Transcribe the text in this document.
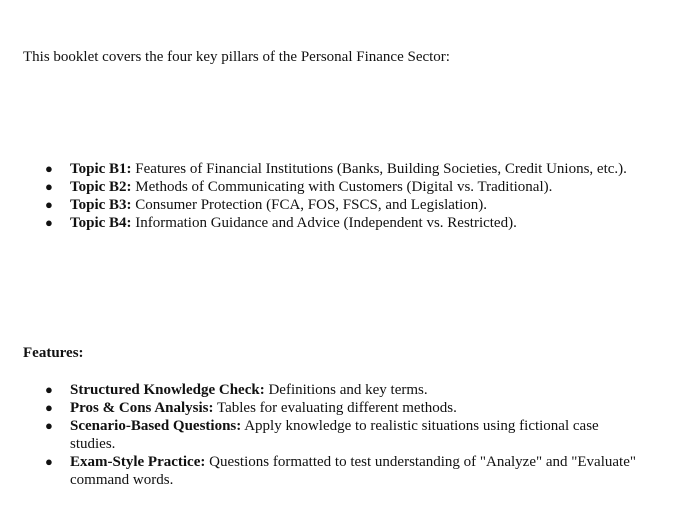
This booklet covers the four key pillars of the Personal Finance Sector:

● Topic B1: Features of Financial Institutions (Banks, Building Societies, Credit Unions, etc.).
● Topic B2: Methods of Communicating with Customers (Digital vs. Traditional).
● Topic B3: Consumer Protection (FCA, FOS, FSCS, and Legislation).
● Topic B4: Information Guidance and Advice (Independent vs. Restricted).

Features:

● Structured Knowledge Check: Definitions and key terms.
● Pros & Cons Analysis: Tables for evaluating different methods.
● Scenario-Based Questions: Apply knowledge to realistic situations using fictional case studies.
● Exam-Style Practice: Questions formatted to test understanding of "Analyze" and "Evaluate" command words.
